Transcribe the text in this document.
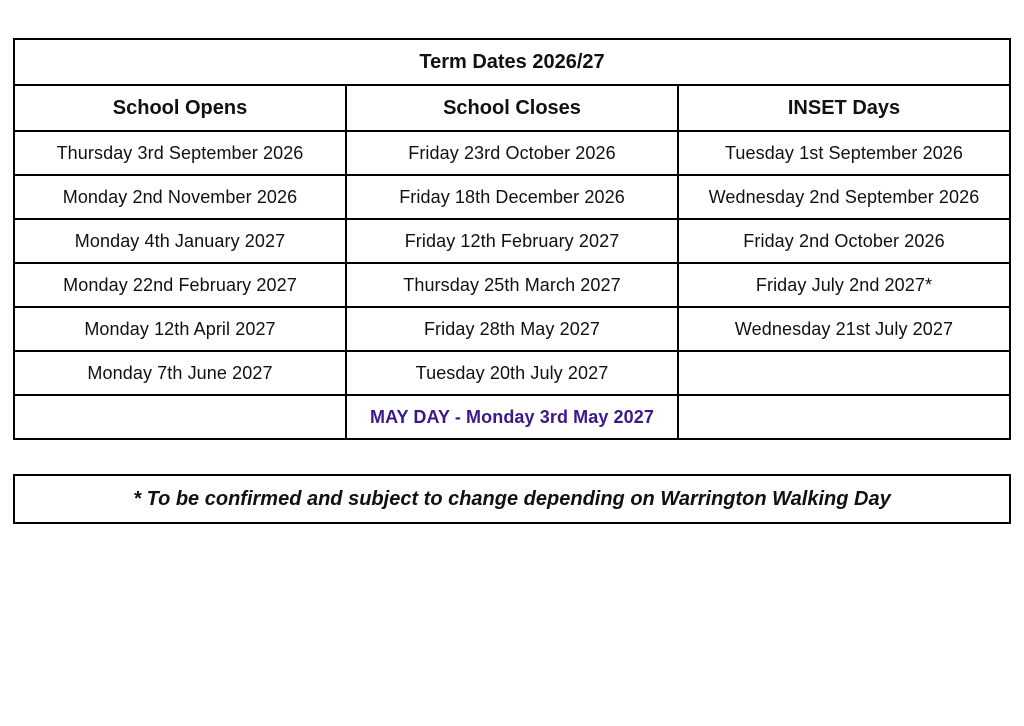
Term Dates 2026/27		
School Opens	School Closes	INSET Days
Thursday 3rd September 2026	Friday 23rd October 2026	Tuesday 1st September 2026
Monday 2nd November 2026	Friday 18th December 2026	Wednesday 2nd September 2026
Monday 4th January 2027	Friday 12th February 2027	Friday 2nd October 2026
Monday 22nd February 2027	Thursday 25th March 2027	Friday July 2nd 2027*
Monday 12th April 2027	Friday 28th May 2027	Wednesday 21st July 2027
Monday 7th June 2027	Tuesday 20th July 2027	
	MAY DAY - Monday 3rd May 2027	
* To be confirmed and subject to change depending on Warrington Walking Day
